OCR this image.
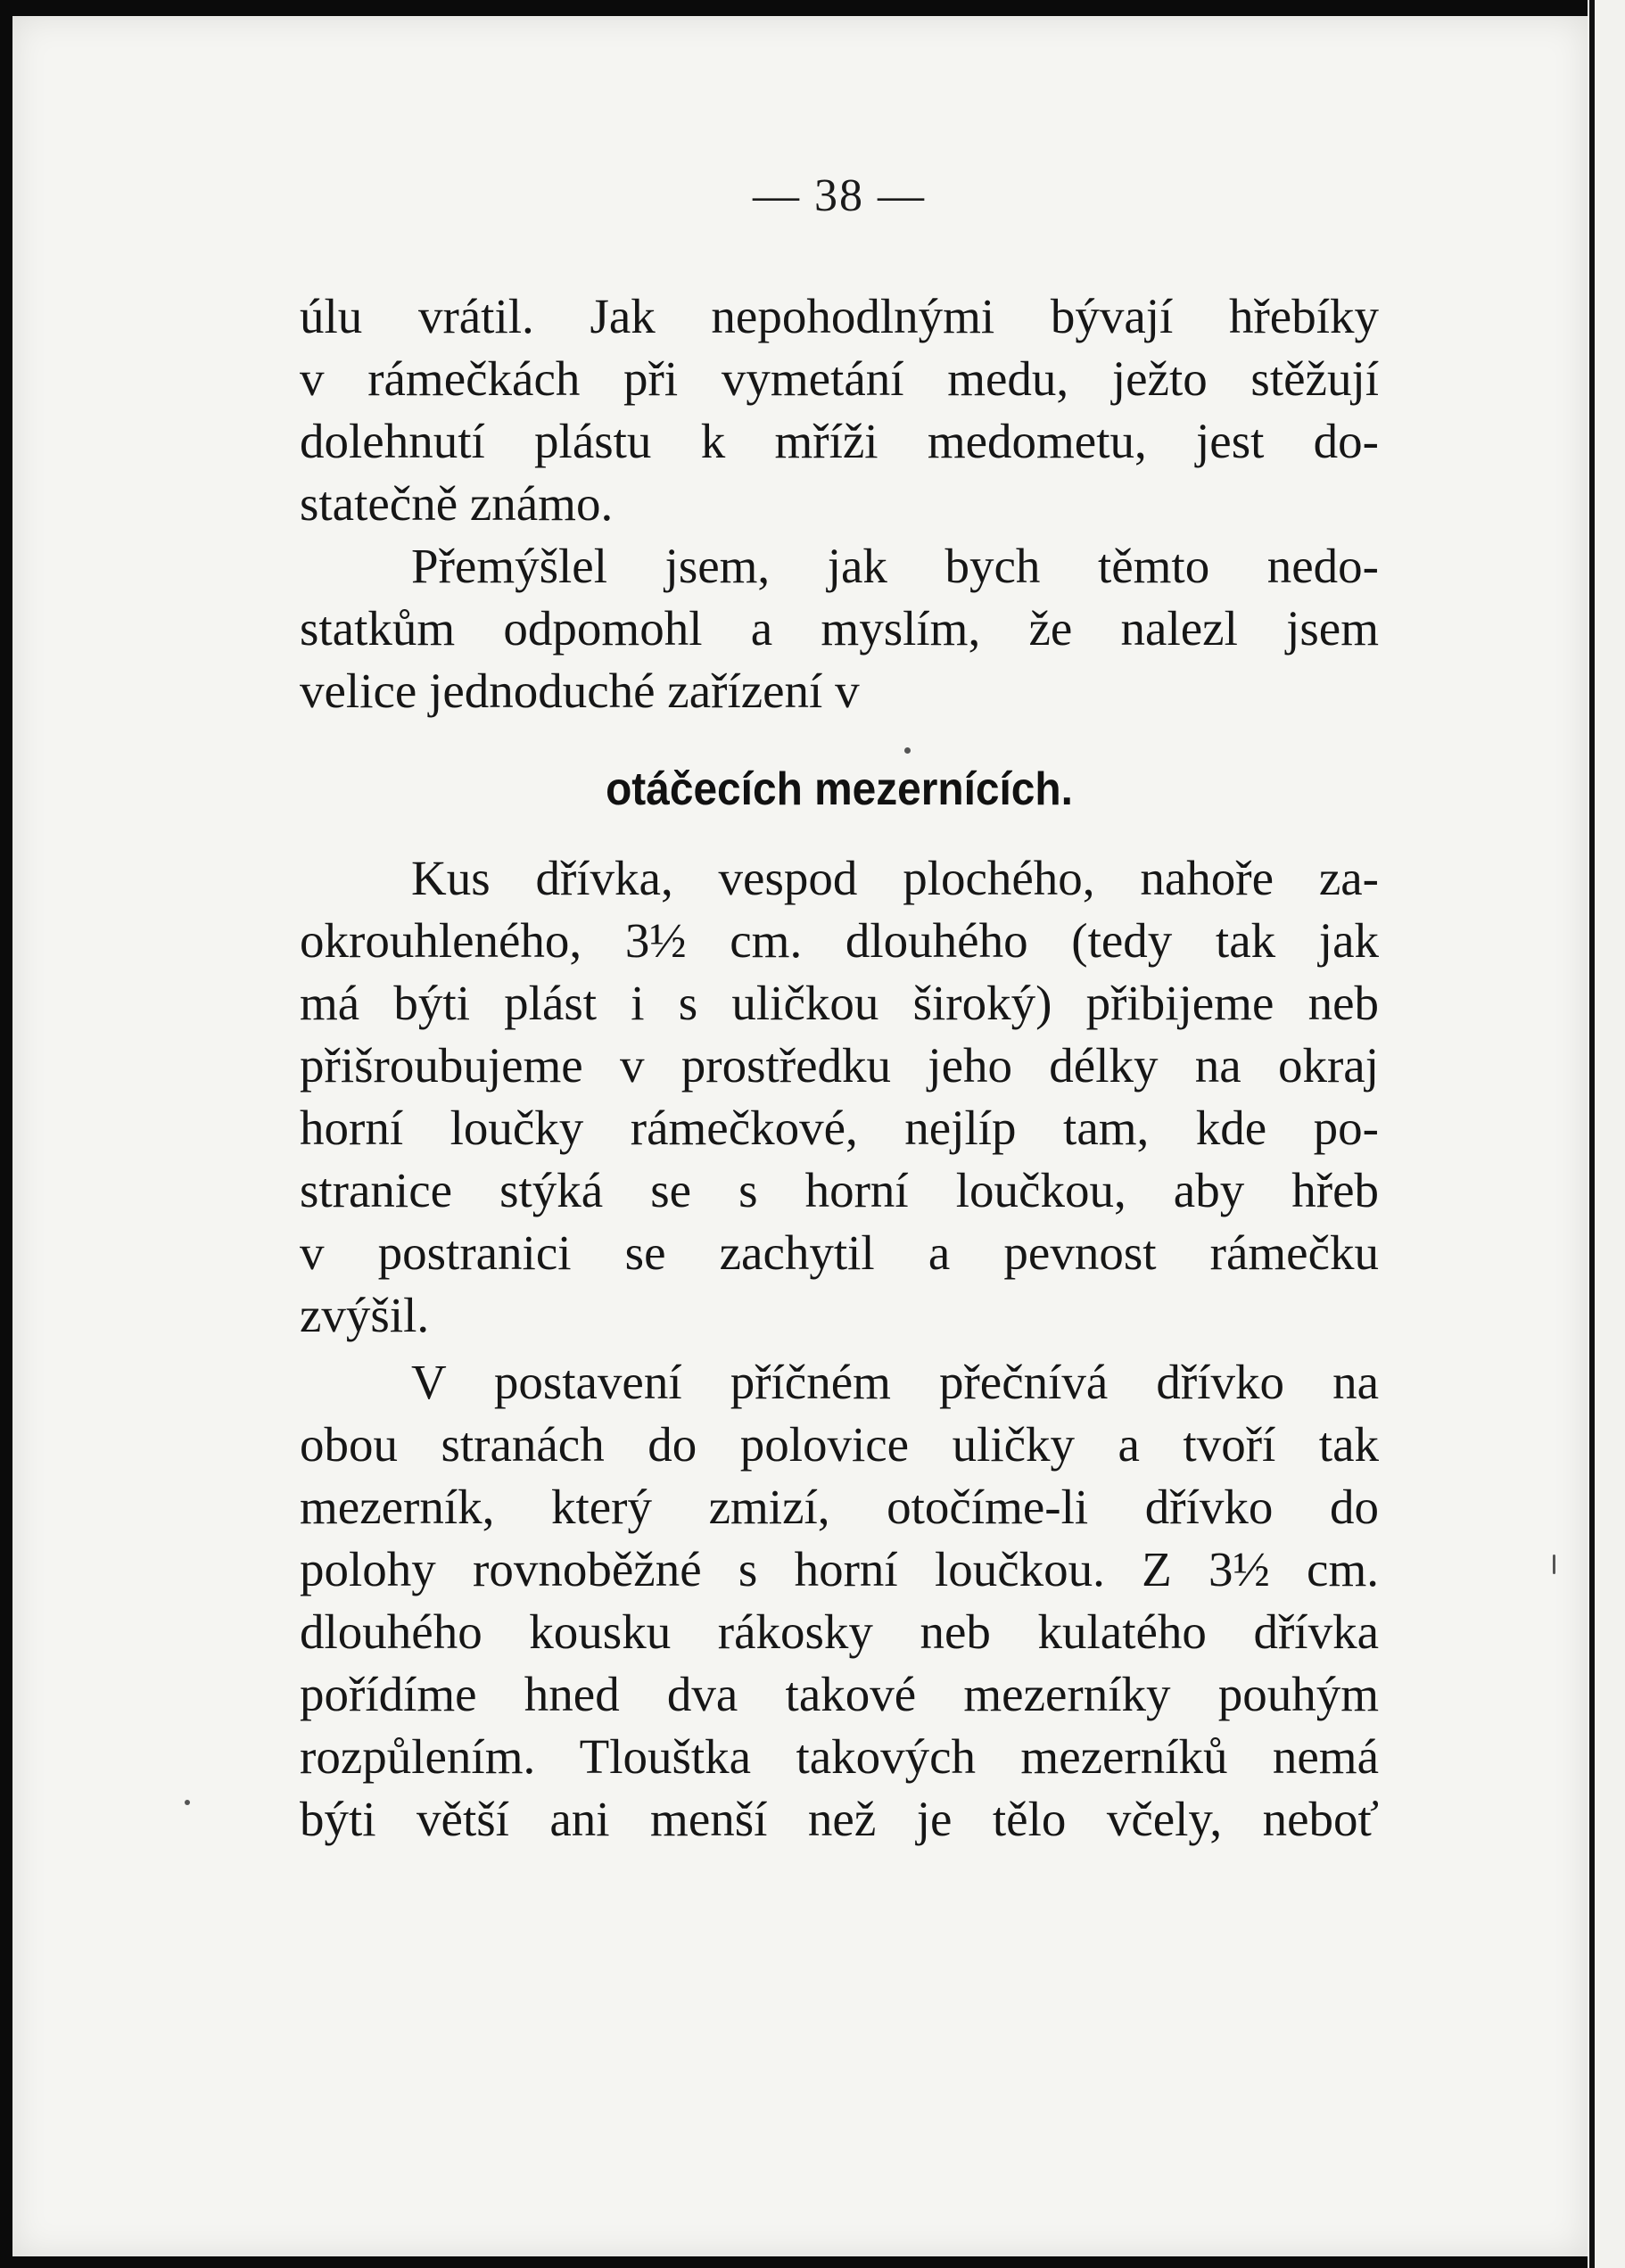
— 38 —
úlu vrátil. Jak nepohodlnými bývají hřebíky
v rámečkách při vymetání medu, ježto stěžují
dolehnutí plástu k mříži medometu, jest do-
statečně známo.
Přemýšlel jsem, jak bych těmto nedo-
statkům odpomohl a myslím, že nalezl jsem
velice jednoduché zařízení v
otáčecích mezernících.
Kus dřívka, vespod plochého, nahoře za-
okrouhleného, 3½ cm. dlouhého (tedy tak jak
má býti plást i s uličkou široký) přibijeme neb
přišroubujeme v prostředku jeho délky na okraj
horní loučky rámečkové, nejlíp tam, kde po-
stranice stýká se s horní loučkou, aby hřeb
v postranici se zachytil a pevnost rámečku
zvýšil.
V postavení příčném přečnívá dřívko na
obou stranách do polovice uličky a tvoří tak
mezerník, který zmizí, otočíme-li dřívko do
polohy rovnoběžné s horní loučkou. Z 3½ cm.
dlouhého kousku rákosky neb kulatého dřívka
pořídíme hned dva takové mezerníky pouhým
rozpůlením. Tlouštka takových mezerníků nemá
býti větší ani menší než je tělo včely, neboť
